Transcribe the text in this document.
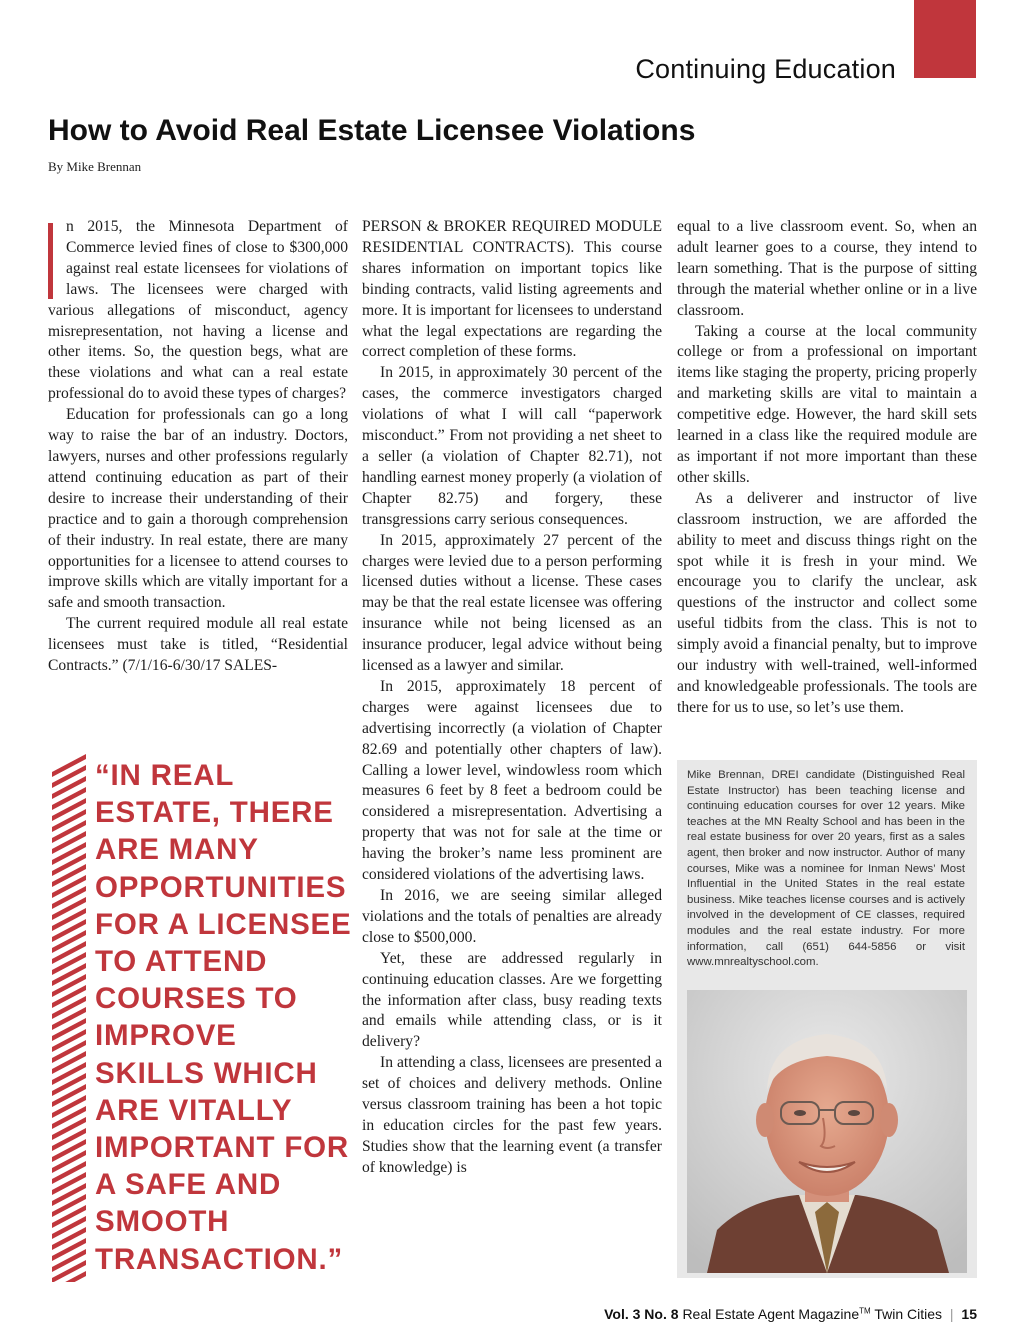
Continuing Education
How to Avoid Real Estate Licensee Violations
By Mike Brennan

n 2015, the Minnesota Department of Commerce levied fines of close to $300,000 against real estate licensees for violations of laws. The licensees were charged with various allegations of misconduct, agency misrepresentation, not having a license and other items. So, the question begs, what are these violations and what can a real estate professional do to avoid these types of charges?

Education for professionals can go a long way to raise the bar of an industry. Doctors, lawyers, nurses and other professions regularly attend continuing education as part of their desire to increase their understanding of their practice and to gain a thorough comprehension of their industry. In real estate, there are many opportunities for a licensee to attend courses to improve skills which are vitally important for a safe and smooth transaction.

The current required module all real estate licensees must take is titled, “Residential Contracts.” (7/1/16-6/30/17 SALES-

“IN REAL ESTATE, THERE ARE MANY OPPORTUNITIES FOR A LICENSEE TO ATTEND COURSES TO IMPROVE SKILLS WHICH ARE VITALLY IMPORTANT FOR A SAFE AND SMOOTH TRANSACTION.”

PERSON & BROKER REQUIRED MODULE RESIDENTIAL CONTRACTS). This course shares information on important topics like binding contracts, valid listing agreements and more. It is important for licensees to understand what the legal expectations are regarding the correct completion of these forms.

In 2015, in approximately 30 percent of the cases, the commerce investigators charged violations of what I will call “paperwork misconduct.” From not providing a net sheet to a seller (a violation of Chapter 82.71), not handling earnest money properly (a violation of Chapter 82.75) and forgery, these transgressions carry serious consequences.

In 2015, approximately 27 percent of the charges were levied due to a person performing licensed duties without a license. These cases may be that the real estate licensee was offering insurance while not being licensed as an insurance producer, legal advice without being licensed as a lawyer and similar.

In 2015, approximately 18 percent of charges were against licensees due to advertising incorrectly (a violation of Chapter 82.69 and potentially other chapters of law). Calling a lower level, windowless room which measures 6 feet by 8 feet a bedroom could be considered a misrepresentation. Advertising a property that was not for sale at the time or having the broker’s name less prominent are considered violations of the advertising laws.

In 2016, we are seeing similar alleged violations and the totals of penalties are already close to $500,000.

Yet, these are addressed regularly in continuing education classes. Are we forgetting the information after class, busy reading texts and emails while attending class, or is it delivery?

In attending a class, licensees are presented a set of choices and delivery methods. Online versus classroom training has been a hot topic in education circles for the past few years. Studies show that the learning event (a transfer of knowledge) is

equal to a live classroom event. So, when an adult learner goes to a course, they intend to learn something. That is the purpose of sitting through the material whether online or in a live classroom.

Taking a course at the local community college or from a professional on important items like staging the property, pricing properly and marketing skills are vital to maintain a competitive edge. However, the hard skill sets learned in a class like the required module are as important if not more important than these other skills.

As a deliverer and instructor of live classroom instruction, we are afforded the ability to meet and discuss things right on the spot while it is fresh in your mind. We encourage you to clarify the unclear, ask questions of the instructor and collect some useful tidbits from the class. This is not to simply avoid a financial penalty, but to improve our industry with well-trained, well-informed and knowledgeable professionals. The tools are there for us to use, so let’s use them.

Mike Brennan, DREI candidate (Distinguished Real Estate Instructor) has been teaching license and continuing education courses for over 12 years. Mike teaches at the MN Realty School and has been in the real estate business for over 20 years, first as a sales agent, then broker and now instructor. Author of many courses, Mike was a nominee for Inman News’ Most Influential in the United States in the real estate business. Mike teaches license courses and is actively involved in the development of CE classes, required modules and the real estate industry. For more information, call (651) 644-5856 or visit www.mnrealtyschool.com.

Vol. 3 No. 8 Real Estate Agent Magazine™ Twin Cities | 15
